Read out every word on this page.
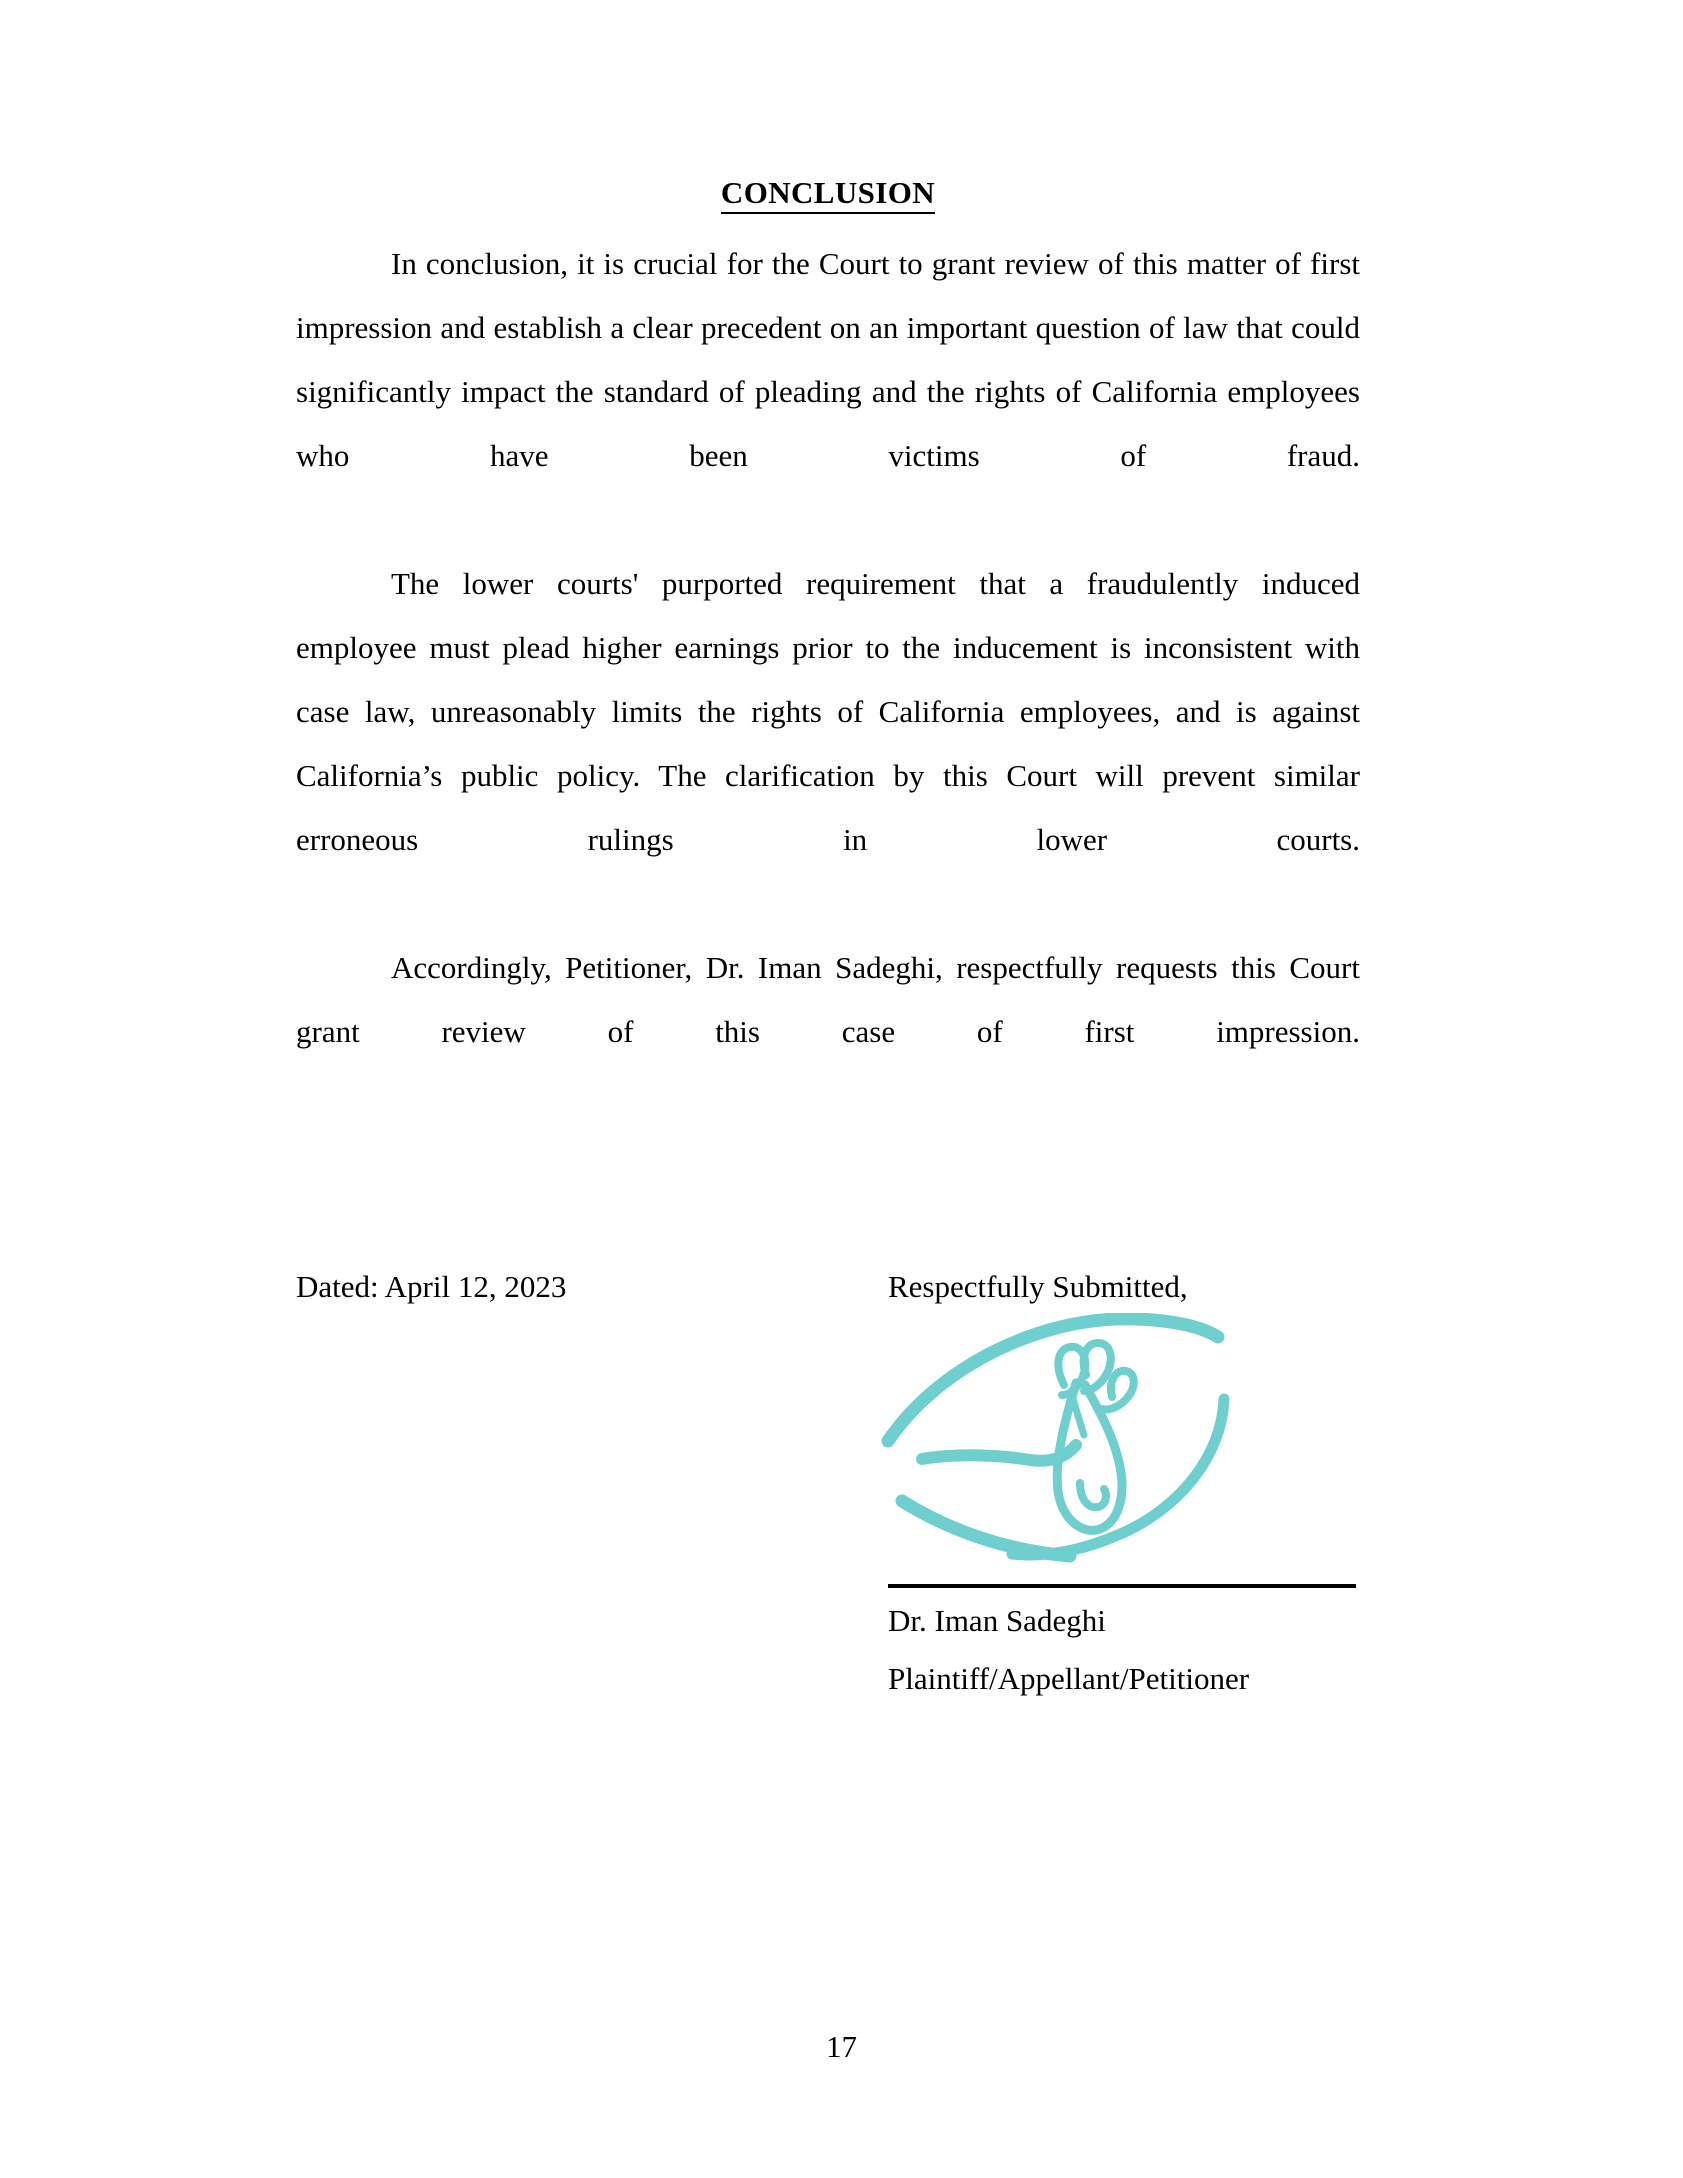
CONCLUSION

In conclusion, it is crucial for the Court to grant review of this matter of first impression and establish a clear precedent on an important question of law that could significantly impact the standard of pleading and the rights of California employees who have been victims of fraud.

The lower courts' purported requirement that a fraudulently induced employee must plead higher earnings prior to the inducement is inconsistent with case law, unreasonably limits the rights of California employees, and is against California’s public policy. The clarification by this Court will prevent similar erroneous rulings in lower courts.

Accordingly, Petitioner, Dr. Iman Sadeghi, respectfully requests this Court grant review of this case of first impression.

Dated: April 12, 2023	Respectfully Submitted,
Dr. Iman Sadeghi
Plaintiff/Appellant/Petitioner
17
